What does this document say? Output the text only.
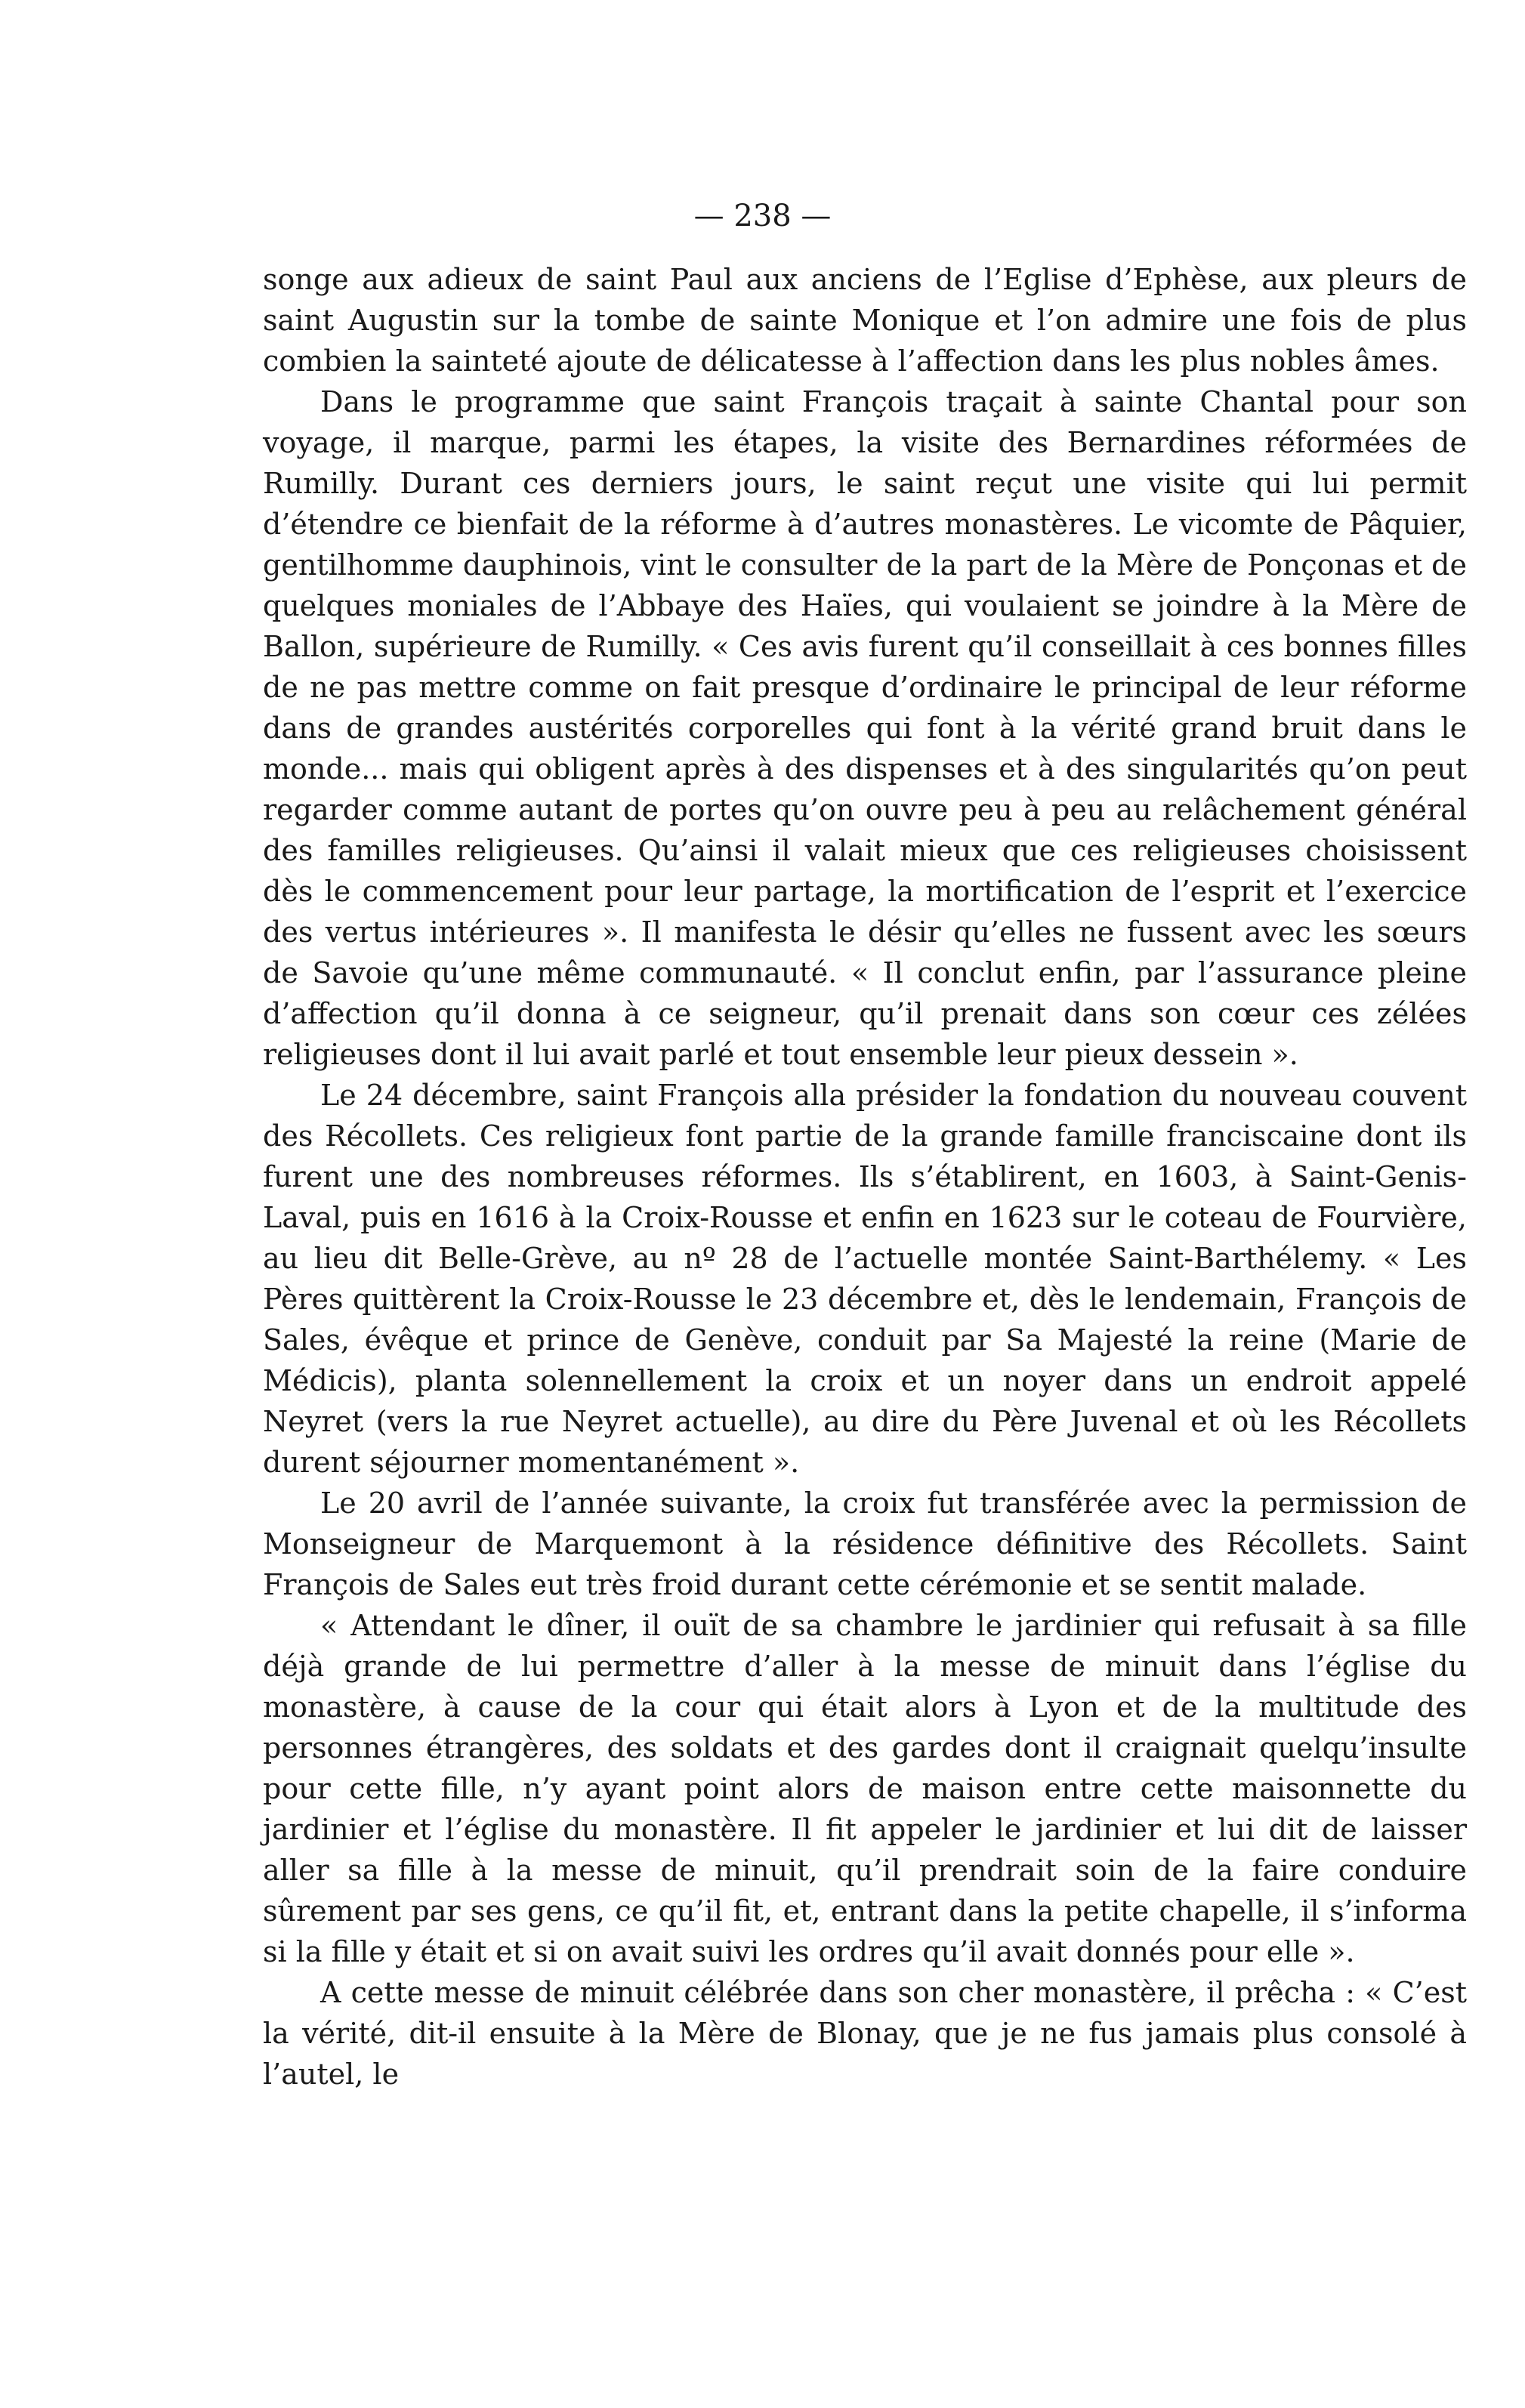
— 238 —

songe aux adieux de saint Paul aux anciens de l’Eglise d’Ephèse, aux pleurs de saint Augustin sur la tombe de sainte Monique et l’on admire une fois de plus combien la sainteté ajoute de délicatesse à l’affection dans les plus nobles âmes.

Dans le programme que saint François traçait à sainte Chantal pour son voyage, il marque, parmi les étapes, la visite des Bernardines réformées de Rumilly. Durant ces derniers jours, le saint reçut une visite qui lui permit d’étendre ce bienfait de la réforme à d’autres monastères. Le vicomte de Pâquier, gentilhomme dauphinois, vint le consulter de la part de la Mère de Ponçonas et de quelques moniales de l’Abbaye des Haïes, qui voulaient se joindre à la Mère de Ballon, supérieure de Rumilly. « Ces avis furent qu’il conseillait à ces bonnes filles de ne pas mettre comme on fait presque d’ordinaire le principal de leur réforme dans de grandes austérités corporelles qui font à la vérité grand bruit dans le monde... mais qui obligent après à des dispenses et à des singularités qu’on peut regarder comme autant de portes qu’on ouvre peu à peu au relâchement général des familles religieuses. Qu’ainsi il valait mieux que ces religieuses choisissent dès le commencement pour leur partage, la mortification de l’esprit et l’exercice des vertus intérieures ». Il manifesta le désir qu’elles ne fussent avec les sœurs de Savoie qu’une même communauté. « Il conclut enfin, par l’assurance pleine d’affection qu’il donna à ce seigneur, qu’il prenait dans son cœur ces zélées religieuses dont il lui avait parlé et tout ensemble leur pieux dessein ».

Le 24 décembre, saint François alla présider la fondation du nouveau couvent des Récollets. Ces religieux font partie de la grande famille franciscaine dont ils furent une des nombreuses réformes. Ils s’établirent, en 1603, à Saint-Genis-Laval, puis en 1616 à la Croix-Rousse et enfin en 1623 sur le coteau de Fourvière, au lieu dit Belle-Grève, au nº 28 de l’actuelle montée Saint-Barthélemy. « Les Pères quittèrent la Croix-Rousse le 23 décembre et, dès le lendemain, François de Sales, évêque et prince de Genève, conduit par Sa Majesté la reine (Marie de Médicis), planta solennellement la croix et un noyer dans un endroit appelé Neyret (vers la rue Neyret actuelle), au dire du Père Juvenal et où les Récollets durent séjourner momentanément ».

Le 20 avril de l’année suivante, la croix fut transférée avec la permission de Monseigneur de Marquemont à la résidence définitive des Récollets. Saint François de Sales eut très froid durant cette cérémonie et se sentit malade.

« Attendant le dîner, il ouït de sa chambre le jardinier qui refusait à sa fille déjà grande de lui permettre d’aller à la messe de minuit dans l’église du monastère, à cause de la cour qui était alors à Lyon et de la multitude des personnes étrangères, des soldats et des gardes dont il craignait quelqu’insulte pour cette fille, n’y ayant point alors de maison entre cette maisonnette du jardinier et l’église du monastère. Il fit appeler le jardinier et lui dit de laisser aller sa fille à la messe de minuit, qu’il prendrait soin de la faire conduire sûrement par ses gens, ce qu’il fit, et, entrant dans la petite chapelle, il s’informa si la fille y était et si on avait suivi les ordres qu’il avait donnés pour elle ».

A cette messe de minuit célébrée dans son cher monastère, il prêcha : « C’est la vérité, dit-il ensuite à la Mère de Blonay, que je ne fus jamais plus consolé à l’autel, le
